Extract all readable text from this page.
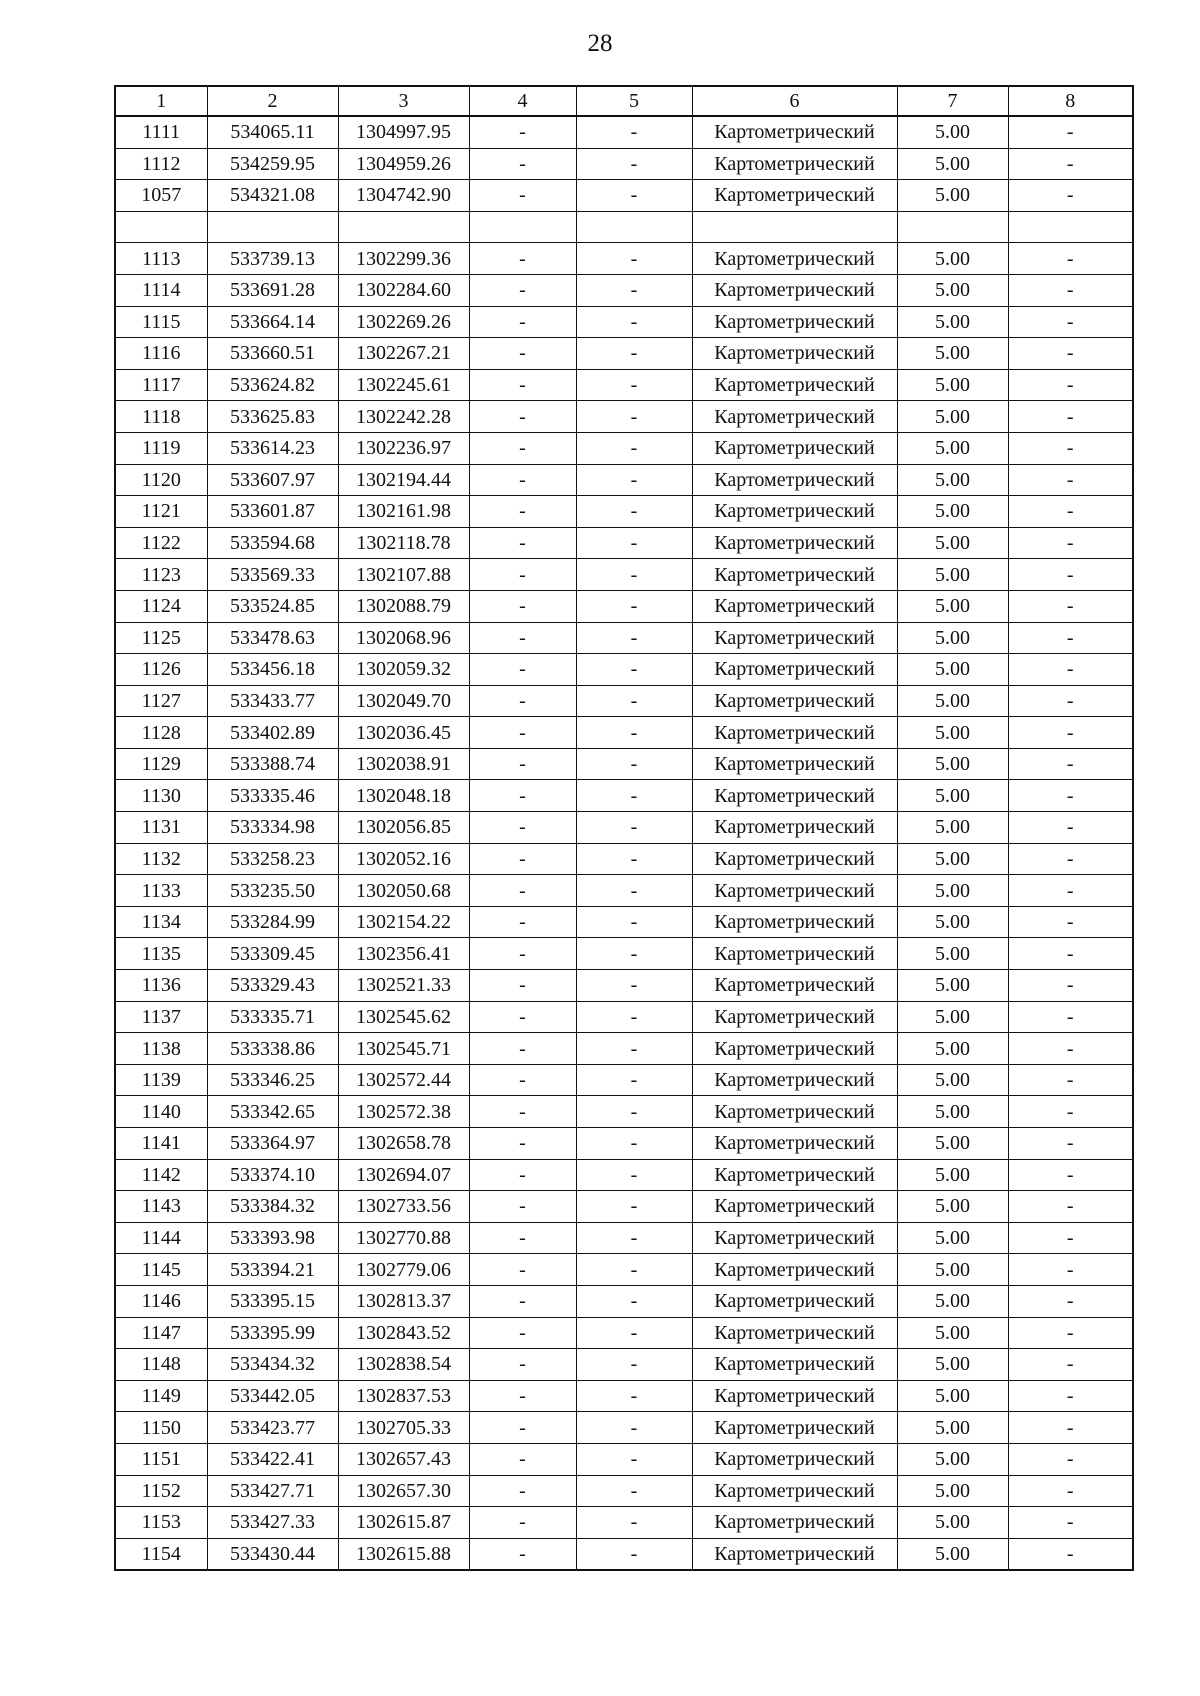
28
1	2	3	4	5	6	7	8
1111	534065.11	1304997.95	-	-	Картометрический	5.00	-
1112	534259.95	1304959.26	-	-	Картометрический	5.00	-
1057	534321.08	1304742.90	-	-	Картометрический	5.00	-

1113	533739.13	1302299.36	-	-	Картометрический	5.00	-
1114	533691.28	1302284.60	-	-	Картометрический	5.00	-
1115	533664.14	1302269.26	-	-	Картометрический	5.00	-
1116	533660.51	1302267.21	-	-	Картометрический	5.00	-
1117	533624.82	1302245.61	-	-	Картометрический	5.00	-
1118	533625.83	1302242.28	-	-	Картометрический	5.00	-
1119	533614.23	1302236.97	-	-	Картометрический	5.00	-
1120	533607.97	1302194.44	-	-	Картометрический	5.00	-
1121	533601.87	1302161.98	-	-	Картометрический	5.00	-
1122	533594.68	1302118.78	-	-	Картометрический	5.00	-
1123	533569.33	1302107.88	-	-	Картометрический	5.00	-
1124	533524.85	1302088.79	-	-	Картометрический	5.00	-
1125	533478.63	1302068.96	-	-	Картометрический	5.00	-
1126	533456.18	1302059.32	-	-	Картометрический	5.00	-
1127	533433.77	1302049.70	-	-	Картометрический	5.00	-
1128	533402.89	1302036.45	-	-	Картометрический	5.00	-
1129	533388.74	1302038.91	-	-	Картометрический	5.00	-
1130	533335.46	1302048.18	-	-	Картометрический	5.00	-
1131	533334.98	1302056.85	-	-	Картометрический	5.00	-
1132	533258.23	1302052.16	-	-	Картометрический	5.00	-
1133	533235.50	1302050.68	-	-	Картометрический	5.00	-
1134	533284.99	1302154.22	-	-	Картометрический	5.00	-
1135	533309.45	1302356.41	-	-	Картометрический	5.00	-
1136	533329.43	1302521.33	-	-	Картометрический	5.00	-
1137	533335.71	1302545.62	-	-	Картометрический	5.00	-
1138	533338.86	1302545.71	-	-	Картометрический	5.00	-
1139	533346.25	1302572.44	-	-	Картометрический	5.00	-
1140	533342.65	1302572.38	-	-	Картометрический	5.00	-
1141	533364.97	1302658.78	-	-	Картометрический	5.00	-
1142	533374.10	1302694.07	-	-	Картометрический	5.00	-
1143	533384.32	1302733.56	-	-	Картометрический	5.00	-
1144	533393.98	1302770.88	-	-	Картометрический	5.00	-
1145	533394.21	1302779.06	-	-	Картометрический	5.00	-
1146	533395.15	1302813.37	-	-	Картометрический	5.00	-
1147	533395.99	1302843.52	-	-	Картометрический	5.00	-
1148	533434.32	1302838.54	-	-	Картометрический	5.00	-
1149	533442.05	1302837.53	-	-	Картометрический	5.00	-
1150	533423.77	1302705.33	-	-	Картометрический	5.00	-
1151	533422.41	1302657.43	-	-	Картометрический	5.00	-
1152	533427.71	1302657.30	-	-	Картометрический	5.00	-
1153	533427.33	1302615.87	-	-	Картометрический	5.00	-
1154	533430.44	1302615.88	-	-	Картометрический	5.00	-
